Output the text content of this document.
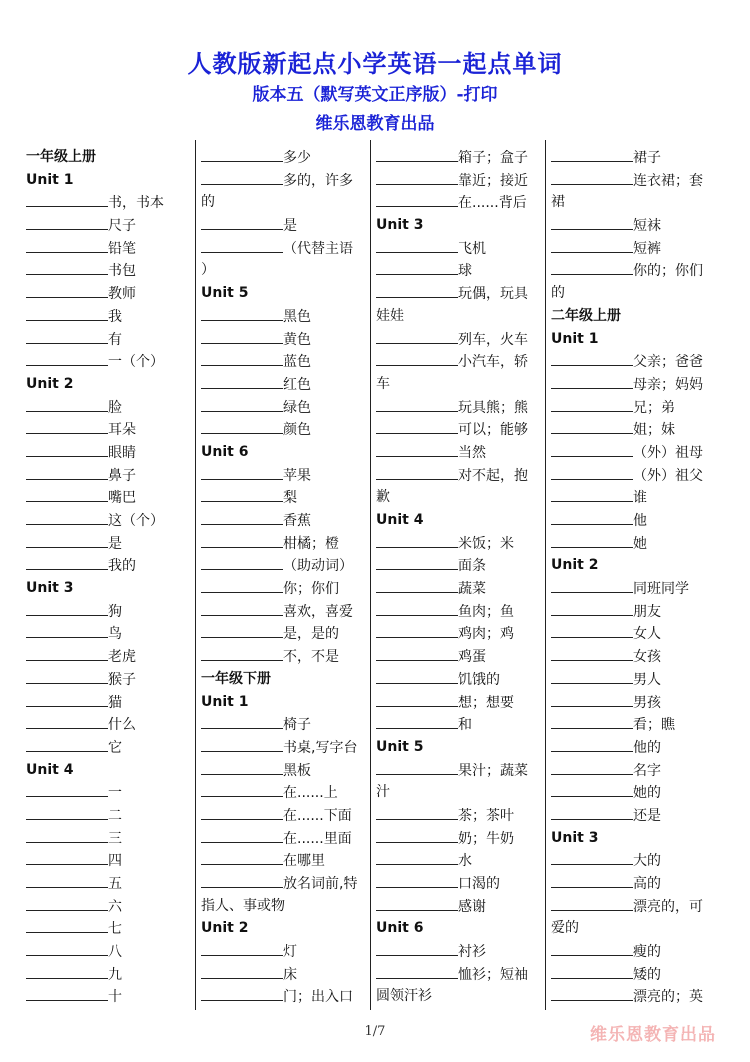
人教版新起点小学英语一起点单词
版本五（默写英文正序版）-打印
维乐恩教育出品
一年级上册
Unit 1
书，书本
尺子
铅笔
书包
教师
我
有
一（个）
Unit 2
脸
耳朵
眼睛
鼻子
嘴巴
这（个）
是
我的
Unit 3
狗
鸟
老虎
猴子
猫
什么
它
Unit 4
一
二
三
四
五
六
七
八
九
十
多少
多的，许多
的
是
（代替主语
）
Unit 5
黑色
黄色
蓝色
红色
绿色
颜色
Unit 6
苹果
梨
香蕉
柑橘；橙
（助动词）
你；你们
喜欢，喜爱
是，是的
不，不是
一年级下册
Unit 1
椅子
书桌,写字台
黑板
在......上
在......下面
在......里面
在哪里
放名词前,特
指人、事或物
Unit 2
灯
床
门；出入口
箱子；盒子
靠近；接近
在......背后
Unit 3
飞机
球
玩偶，玩具
娃娃
列车，火车
小汽车，轿
车
玩具熊；熊
可以；能够
当然
对不起，抱
歉
Unit 4
米饭；米
面条
蔬菜
鱼肉；鱼
鸡肉；鸡
鸡蛋
饥饿的
想；想要
和
Unit 5
果汁；蔬菜
汁
茶；茶叶
奶；牛奶
水
口渴的
感谢
Unit 6
衬衫
恤衫；短袖
圆领汗衫
裙子
连衣裙；套
裙
短袜
短裤
你的；你们
的
二年级上册
Unit 1
父亲；爸爸
母亲；妈妈
兄；弟
姐；妹
（外）祖母
（外）祖父
谁
他
她
Unit 2
同班同学
朋友
女人
女孩
男人
男孩
看；瞧
他的
名字
她的
还是
Unit 3
大的
高的
漂亮的，可
爱的
瘦的
矮的
漂亮的；英
1/7	维乐恩教育出品
